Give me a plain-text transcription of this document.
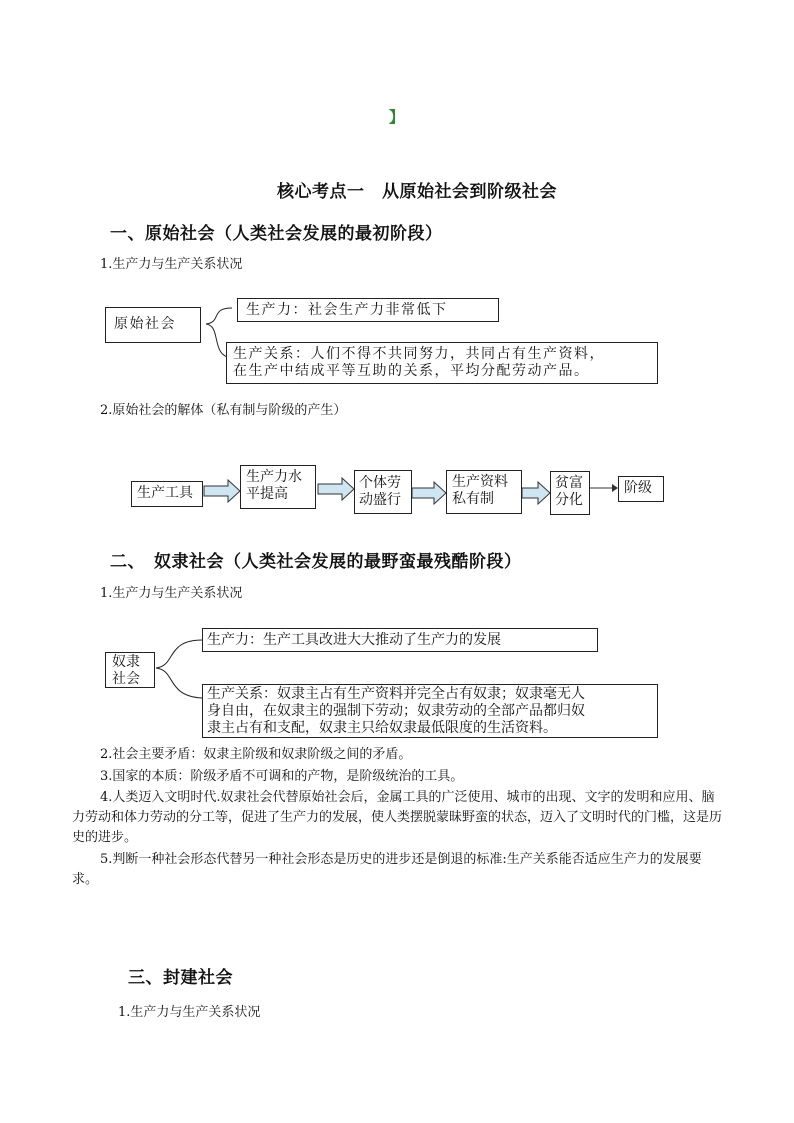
】
核心考点一　从原始社会到阶级社会
一、原始社会（人类社会发展的最初阶段）
1.生产力与生产关系状况
原始社会
生产力：社会生产力非常低下
生产关系：人们不得不共同努力，共同占有生产资料，
在生产中结成平等互助的关系，平均分配劳动产品。
2.原始社会的解体（私有制与阶级的产生）
生产工具
生产力水
平提高
个体劳
动盛行
生产资料
私有制
贫富
分化
阶级
二、　奴隶社会（人类社会发展的最野蛮最残酷阶段）
1.生产力与生产关系状况
奴隶
社会
生产力：生产工具改进大大推动了生产力的发展
生产关系：奴隶主占有生产资料并完全占有奴隶；奴隶毫无人
身自由，在奴隶主的强制下劳动；奴隶劳动的全部产品都归奴
隶主占有和支配，奴隶主只给奴隶最低限度的生活资料。
2.社会主要矛盾：奴隶主阶级和奴隶阶级之间的矛盾。
3.国家的本质：阶级矛盾不可调和的产物，是阶级统治的工具。
4.人类迈入文明时代.奴隶社会代替原始社会后，金属工具的广泛使用、城市的出现、文字的发明和应用、脑力劳动和体力劳动的分工等，促进了生产力的发展，使人类摆脱蒙昧野蛮的状态，迈入了文明时代的门槛，这是历史的进步。
5.判断一种社会形态代替另一种社会形态是历史的进步还是倒退的标准:生产关系能否适应生产力的发展要求。
三、封建社会
1.生产力与生产关系状况
